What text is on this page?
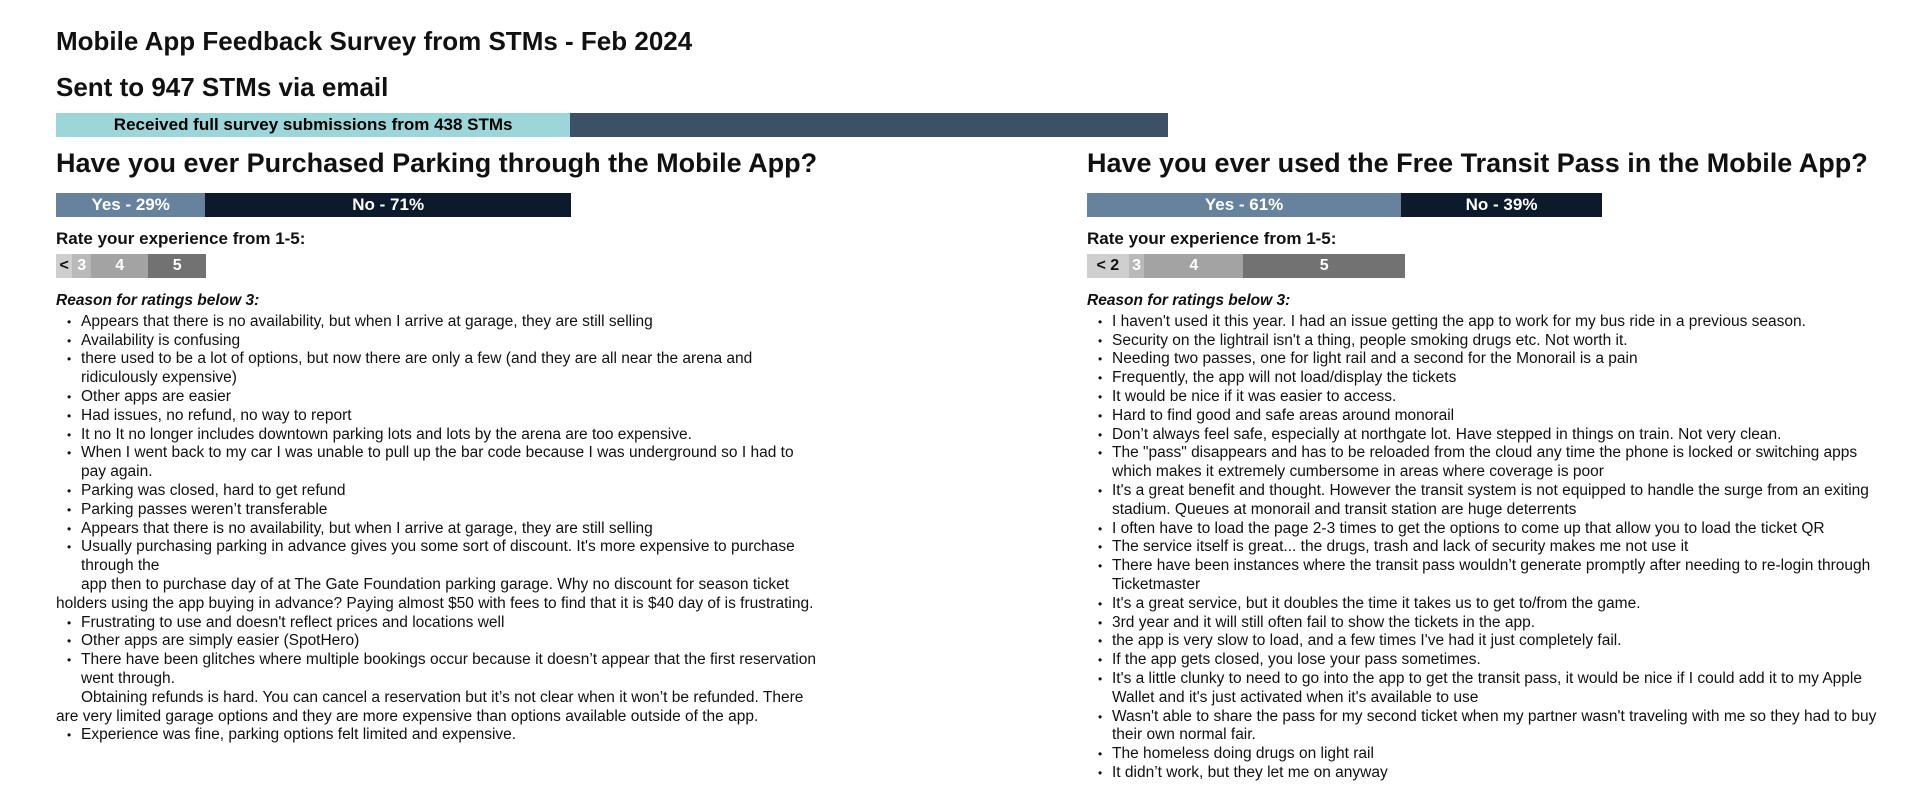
Mobile App Feedback Survey from STMs - Feb 2024
Sent to 947 STMs via email
Received full survey submissions from 438 STMs
Have you ever Purchased Parking through the Mobile App?
Yes - 29%	No - 71%

Rate your experience from 1-5:

< 3	4	5

Reason for ratings below 3:

• Appears that there is no availability, but when I arrive at garage, they are still selling
• Availability is confusing
• there used to be a lot of options, but now there are only a few (and they are all near the arena and ridiculously expensive)
• Other apps are easier
• Had issues, no refund, no way to report
• It no It no longer includes downtown parking lots and lots by the arena are too expensive.
• When I went back to my car I was unable to pull up the bar code because I was underground so I had to pay again.
• Parking was closed, hard to get refund
• Parking passes weren’t transferable
• Appears that there is no availability, but when I arrive at garage, they are still selling
• Usually purchasing parking in advance gives you some sort of discount. It's more expensive to purchase through the

app then to purchase day of at The Gate Foundation parking garage. Why no discount for season ticket holders using the app buying in advance? Paying almost $50 with fees to find that it is $40 day of is frustrating.

• Frustrating to use and doesn't reflect prices and locations well
• Other apps are simply easier (SpotHero)
• There have been glitches where multiple bookings occur because it doesn’t appear that the first reservation went through.

Obtaining refunds is hard. You can cancel a reservation but it’s not clear when it won’t be refunded. There are very limited garage options and they are more expensive than options available outside of the app.

• Experience was fine, parking options felt limited and expensive.
Have you ever used the Free Transit Pass in the Mobile App?
Yes - 61%	No - 39%

Rate your experience from 1-5:

< 2 3	4	5

Reason for ratings below 3:

• I haven't used it this year. I had an issue getting the app to work for my bus ride in a previous season.
• Security on the lightrail isn't a thing, people smoking drugs etc. Not worth it.
• Needing two passes, one for light rail and a second for the Monorail is a pain
• Frequently, the app will not load/display the tickets
• It would be nice if it was easier to access.
• Hard to find good and safe areas around monorail
• Don’t always feel safe, especially at northgate lot. Have stepped in things on train. Not very clean.
• The "pass" disappears and has to be reloaded from the cloud any time the phone is locked or switching apps which makes it extremely cumbersome in areas where coverage is poor
• It's a great benefit and thought. However the transit system is not equipped to handle the surge from an exiting stadium. Queues at monorail and transit station are huge deterrents
• I often have to load the page 2-3 times to get the options to come up that allow you to load the ticket QR
• The service itself is great... the drugs, trash and lack of security makes me not use it
• There have been instances where the transit pass wouldn’t generate promptly after needing to re-login through Ticketmaster
• It's a great service, but it doubles the time it takes us to get to/from the game.
• 3rd year and it will still often fail to show the tickets in the app.
• the app is very slow to load, and a few times I've had it just completely fail.
• If the app gets closed, you lose your pass sometimes.
• It's a little clunky to need to go into the app to get the transit pass, it would be nice if I could add it to my Apple Wallet and it's just activated when it's available to use
• Wasn't able to share the pass for my second ticket when my partner wasn't traveling with me so they had to buy their own normal fair.
• The homeless doing drugs on light rail
• It didn’t work, but they let me on anyway
